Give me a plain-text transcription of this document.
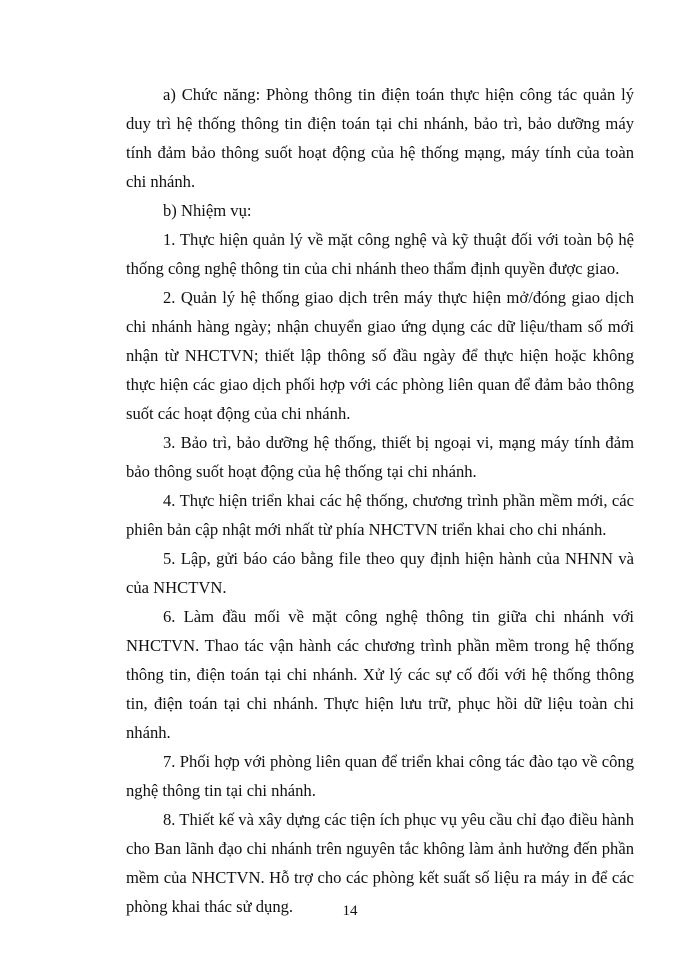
a) Chức năng: Phòng thông tin điện toán thực hiện công tác quản lý duy trì hệ thống thông tin điện toán tại chi nhánh, bảo trì, bảo dưỡng máy tính đảm bảo thông suốt hoạt động của hệ thống mạng, máy tính của toàn chi nhánh.

b) Nhiệm vụ:

1. Thực hiện quản lý về mặt công nghệ và kỹ thuật đối với toàn bộ hệ thống công nghệ thông tin của chi nhánh theo thẩm định quyền được giao.

2. Quản lý hệ thống giao dịch trên máy thực hiện mở/đóng giao dịch chi nhánh hàng ngày; nhận chuyển giao ứng dụng các dữ liệu/tham số mới nhận từ NHCTVN; thiết lập thông số đầu ngày để thực hiện hoặc không thực hiện các giao dịch phối hợp với các phòng liên quan để đảm bảo thông suốt các hoạt động của chi nhánh.

3. Bảo trì, bảo dưỡng hệ thống, thiết bị ngoại vi, mạng máy tính đảm bảo thông suốt hoạt động của hệ thống tại chi nhánh.

4. Thực hiện triển khai các hệ thống, chương trình phần mềm mới, các phiên bản cập nhật mới nhất từ phía NHCTVN triển khai cho chi nhánh.

5. Lập, gửi báo cáo bằng file theo quy định hiện hành của NHNN và của NHCTVN.

6. Làm đầu mối về mặt công nghệ thông tin giữa chi nhánh với NHCTVN. Thao tác vận hành các chương trình phần mềm trong hệ thống thông tin, điện toán tại chi nhánh. Xử lý các sự cố đối với hệ thống thông tin, điện toán tại chi nhánh. Thực hiện lưu trữ, phục hồi dữ liệu toàn chi nhánh.

7. Phối hợp với phòng liên quan để triển khai công tác đào tạo về công nghệ thông tin tại chi nhánh.

8. Thiết kế và xây dựng các tiện ích phục vụ yêu cầu chỉ đạo điều hành cho Ban lãnh đạo chi nhánh trên nguyên tắc không làm ảnh hưởng đến phần mềm của NHCTVN. Hỗ trợ cho các phòng kết suất số liệu ra máy in để các phòng khai thác sử dụng.	14
